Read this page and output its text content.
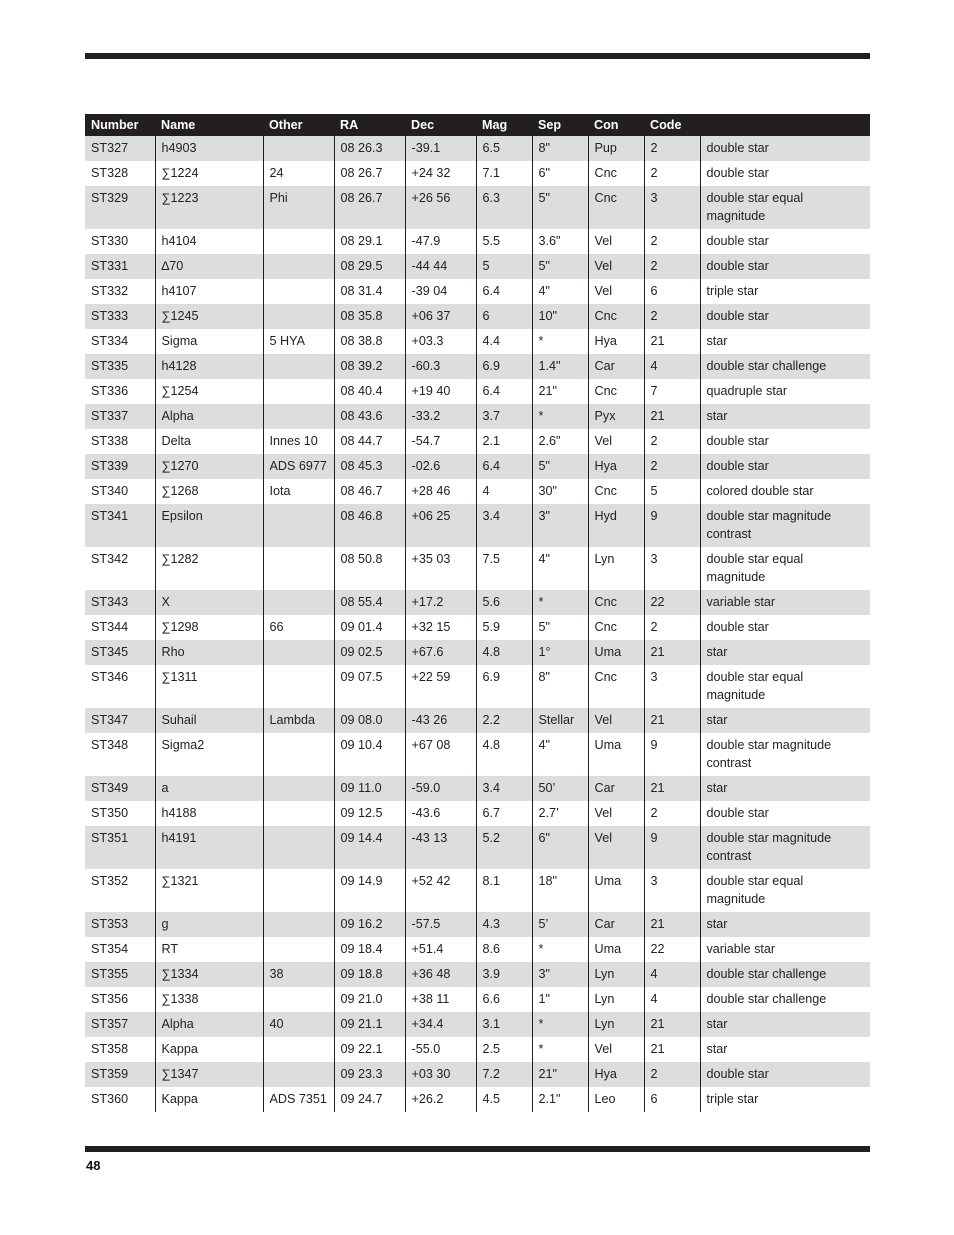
Number	Name	Other	RA	Dec	Mag	Sep	Con	Code	
ST327	h4903		08 26.3	-39.1	6.5	8"	Pup	2	double star
ST328	∑1224	24	08 26.7	+24 32	7.1	6"	Cnc	2	double star
ST329	∑1223	Phi	08 26.7	+26 56	6.3	5"	Cnc	3	double star equal magnitude
ST330	h4104		08 29.1	-47.9	5.5	3.6"	Vel	2	double star
ST331	∆70		08 29.5	-44 44	5	5"	Vel	2	double star
ST332	h4107		08 31.4	-39 04	6.4	4"	Vel	6	triple star
ST333	∑1245		08 35.8	+06 37	6	10"	Cnc	2	double star
ST334	Sigma	5 HYA	08 38.8	+03.3	4.4	*	Hya	21	star
ST335	h4128		08 39.2	-60.3	6.9	1.4"	Car	4	double star challenge
ST336	∑1254		08 40.4	+19 40	6.4	21"	Cnc	7	quadruple star
ST337	Alpha		08 43.6	-33.2	3.7	*	Pyx	21	star
ST338	Delta	Innes 10	08 44.7	-54.7	2.1	2.6"	Vel	2	double star
ST339	∑1270	ADS 6977	08 45.3	-02.6	6.4	5"	Hya	2	double star
ST340	∑1268	Iota	08 46.7	+28 46	4	30"	Cnc	5	colored double star
ST341	Epsilon		08 46.8	+06 25	3.4	3"	Hyd	9	double star magnitude contrast
ST342	∑1282		08 50.8	+35 03	7.5	4"	Lyn	3	double star equal magnitude
ST343	X		08 55.4	+17.2	5.6	*	Cnc	22	variable star
ST344	∑1298	66	09 01.4	+32 15	5.9	5"	Cnc	2	double star
ST345	Rho		09 02.5	+67.6	4.8	1°	Uma	21	star
ST346	∑1311		09 07.5	+22 59	6.9	8"	Cnc	3	double star equal magnitude
ST347	Suhail	Lambda	09 08.0	-43 26	2.2	Stellar	Vel	21	star
ST348	Sigma2		09 10.4	+67 08	4.8	4"	Uma	9	double star magnitude contrast
ST349	a		09 11.0	-59.0	3.4	50’	Car	21	star
ST350	h4188		09 12.5	-43.6	6.7	2.7’	Vel	2	double star
ST351	h4191		09 14.4	-43 13	5.2	6"	Vel	9	double star magnitude contrast
ST352	∑1321		09 14.9	+52 42	8.1	18"	Uma	3	double star equal magnitude
ST353	g		09 16.2	-57.5	4.3	5’	Car	21	star
ST354	RT		09 18.4	+51.4	8.6	*	Uma	22	variable star
ST355	∑1334	38	09 18.8	+36 48	3.9	3"	Lyn	4	double star challenge
ST356	∑1338		09 21.0	+38 11	6.6	1"	Lyn	4	double star challenge
ST357	Alpha	40	09 21.1	+34.4	3.1	*	Lyn	21	star
ST358	Kappa		09 22.1	-55.0	2.5	*	Vel	21	star
ST359	∑1347		09 23.3	+03 30	7.2	21"	Hya	2	double star
ST360	Kappa	ADS 7351	09 24.7	+26.2	4.5	2.1"	Leo	6	triple star
48
